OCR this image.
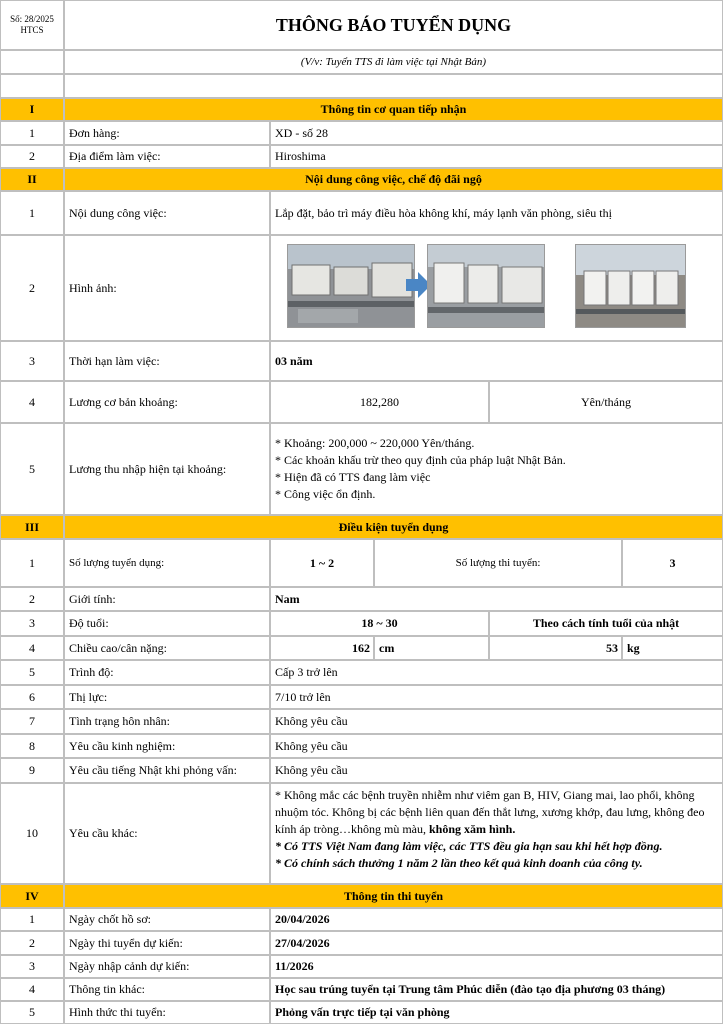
Số: 28/2025
HTCS	THÔNG BÁO TUYỂN DỤNG
(V/v: Tuyển TTS đi làm việc tại Nhật Bản)
I	Thông tin cơ quan tiếp nhận
1	Đơn hàng:	XD - số 28
2	Địa điểm làm việc:	Hiroshima
II	Nội dung công việc, chế độ đãi ngộ
1	Nội dung công việc:	Lắp đặt, bảo trì máy điều hòa không khí, máy lạnh văn phòng, siêu thị
2	Hình ảnh:
3	Thời hạn làm việc:	03 năm
4	Lương cơ bản khoảng:	182,280	Yên/tháng
5	Lương thu nhập hiện tại khoảng:
* Khoảng: 200,000 ~ 220,000 Yên/tháng.
* Các khoản khấu trừ theo quy định của pháp luật Nhật Bản.
* Hiện đã có TTS đang làm việc
* Công việc ổn định.
III	Điều kiện tuyển dụng
1	Số lượng tuyển dụng:	1 ~ 2	Số lượng thi tuyển:	3
2	Giới tính:	Nam
3	Độ tuổi:	18 ~ 30	Theo cách tính tuổi của nhật
4	Chiều cao/cân nặng:	162 cm	53 kg
5	Trình độ:	Cấp 3 trở lên
6	Thị lực:	7/10 trở lên
7	Tình trạng hôn nhân:	Không yêu cầu
8	Yêu cầu kinh nghiệm:	Không yêu cầu
9	Yêu cầu tiếng Nhật khi phỏng vấn:	Không yêu cầu
10	Yêu cầu khác:
* Không mắc các bệnh truyền nhiễm như viêm gan B, HIV, Giang mai, lao phổi, không nhuộm tóc. Không bị các bệnh liên quan đến thắt lưng, xương khớp, đau lưng, không đeo kính áp tròng…không mù màu, không xăm hình.
* Có TTS Việt Nam đang làm việc, các TTS đều gia hạn sau khi hết hợp đồng.
* Có chính sách thưởng 1 năm 2 lần theo kết quả kinh doanh của công ty.
IV	Thông tin thi tuyển
1	Ngày chốt hồ sơ:	20/04/2026
2	Ngày thi tuyển dự kiến:	27/04/2026
3	Ngày nhập cảnh dự kiến:	11/2026
4	Thông tin khác:	Học sau trúng tuyển tại Trung tâm Phúc diễn (đào tạo địa phương 03 tháng)
5	Hình thức thi tuyển:	Phỏng vấn trực tiếp tại văn phòng
